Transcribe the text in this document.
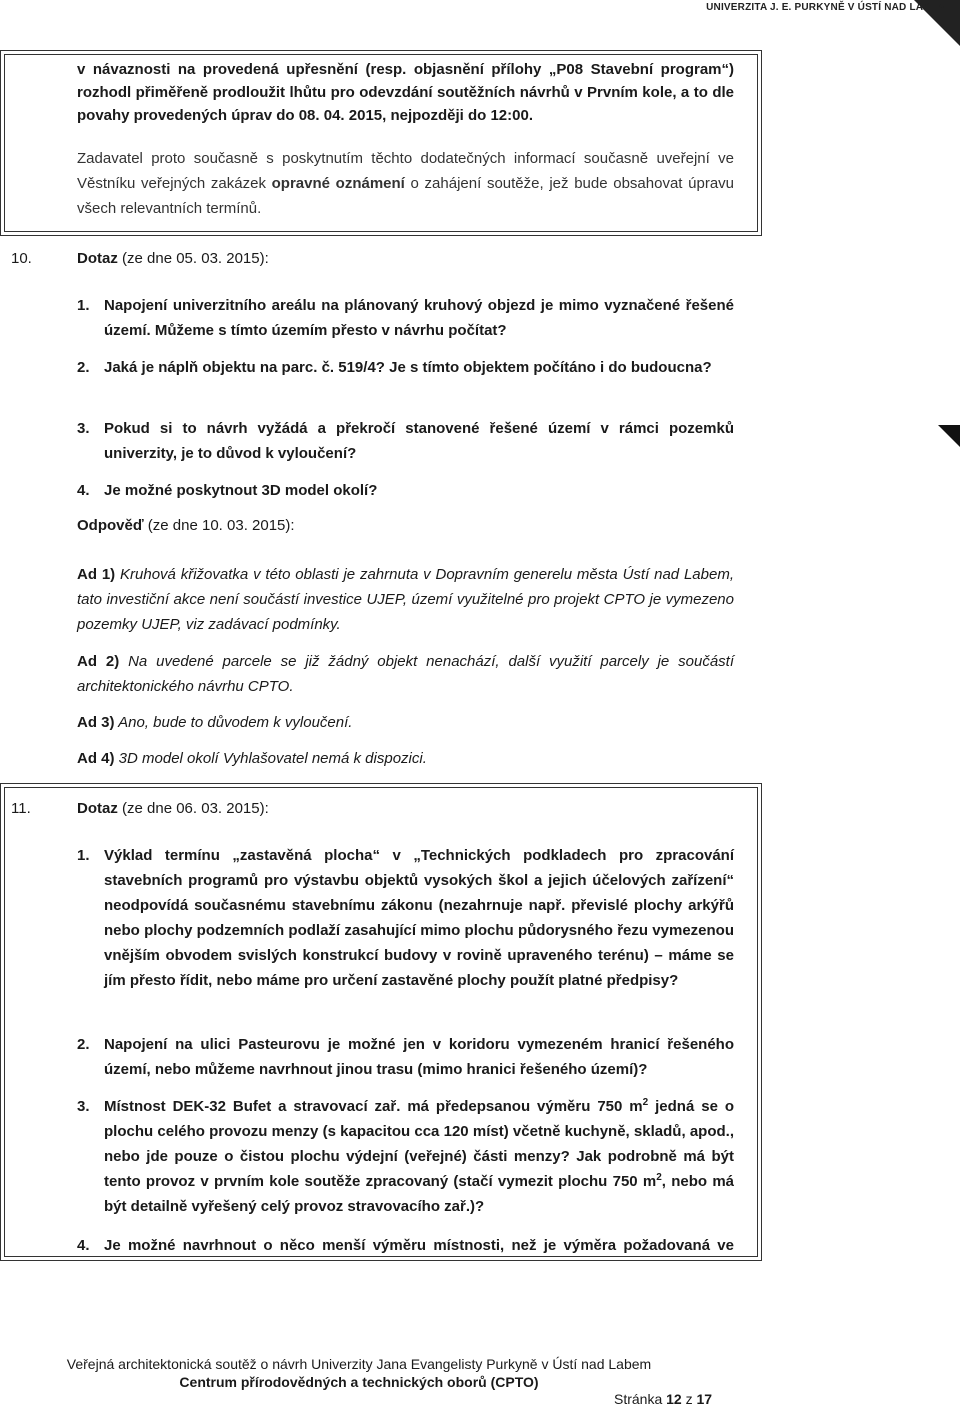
UNIVERZITA J. E. PURKYNĚ V ÚSTÍ NAD LABEM
v návaznosti na provedená upřesnění (resp. objasnění přílohy „P08 Stavební program“) rozhodl přiměřeně prodloužit lhůtu pro odevzdání soutěžních návrhů v Prvním kole, a to dle povahy provedených úprav do 08. 04. 2015, nejpozději do 12:00.
Zadavatel proto současně s poskytnutím těchto dodatečných informací současně uveřejní ve Věstníku veřejných zakázek opravné oznámení o zahájení soutěže, jež bude obsahovat úpravu všech relevantních termínů.
10.	Dotaz (ze dne 05. 03. 2015):
1. Napojení univerzitního areálu na plánovaný kruhový objezd je mimo vyznačené řešené území. Můžeme s tímto územím přesto v návrhu počítat?
2. Jaká je náplň objektu na parc. č. 519/4? Je s tímto objektem počítáno i do budoucna?
3. Pokud si to návrh vyžádá a překročí stanovené řešené území v rámci pozemků univerzity, je to důvod k vyloučení?
4. Je možné poskytnout 3D model okolí?
Odpověď (ze dne 10. 03. 2015):
Ad 1) Kruhová křižovatka v této oblasti je zahrnuta v Dopravním generelu města Ústí nad Labem, tato investiční akce není součástí investice UJEP, území využitelné pro projekt CPTO je vymezeno pozemky UJEP, viz zadávací podmínky.
Ad 2) Na uvedené parcele se již žádný objekt nenachází, další využití parcely je součástí architektonického návrhu CPTO.
Ad 3) Ano, bude to důvodem k vyloučení.
Ad 4) 3D model okolí Vyhlašovatel nemá k dispozici.
11.	Dotaz (ze dne 06. 03. 2015):
1. Výklad termínu „zastavěná plocha“ v „Technických podkladech pro zpracování stavebních programů pro výstavbu objektů vysokých škol a jejich účelových zařízení“ neodpovídá současnému stavebnímu zákonu (nezahrnuje např. převislé plochy arkýřů nebo plochy podzemních podlaží zasahující mimo plochu půdorysného řezu vymezenou vnějším obvodem svislých konstrukcí budovy v rovině upraveného terénu) – máme se jím přesto řídit, nebo máme pro určení zastavěné plochy použít platné předpisy?
2. Napojení na ulici Pasteurovu je možné jen v koridoru vymezeném hranicí řešeného území, nebo můžeme navrhnout jinou trasu (mimo hranici řešeného území)?
3. Místnost DEK-32 Bufet a stravovací zař. má předepsanou výměru 750 $m^2$ jedná se o plochu celého provozu menzy (s kapacitou cca 120 míst) včetně kuchyně, skladů, apod., nebo jde pouze o čistou plochu výdejní (veřejné) části menzy? Jak podrobně má být tento provoz v prvním kole soutěže zpracovaný (stačí vymezit plochu 750 $m^2$, nebo má být detailně vyřešený celý provoz stravovacího zař.)?
4. Je možné navrhnout o něco menší výměru místnosti, než je výměra požadovaná ve
Veřejná architektonická soutěž o návrh Univerzity Jana Evangelisty Purkyně v Ústí nad Labem
Centrum přírodovědných a technických oborů (CPTO)
Stránka 12 z 17
